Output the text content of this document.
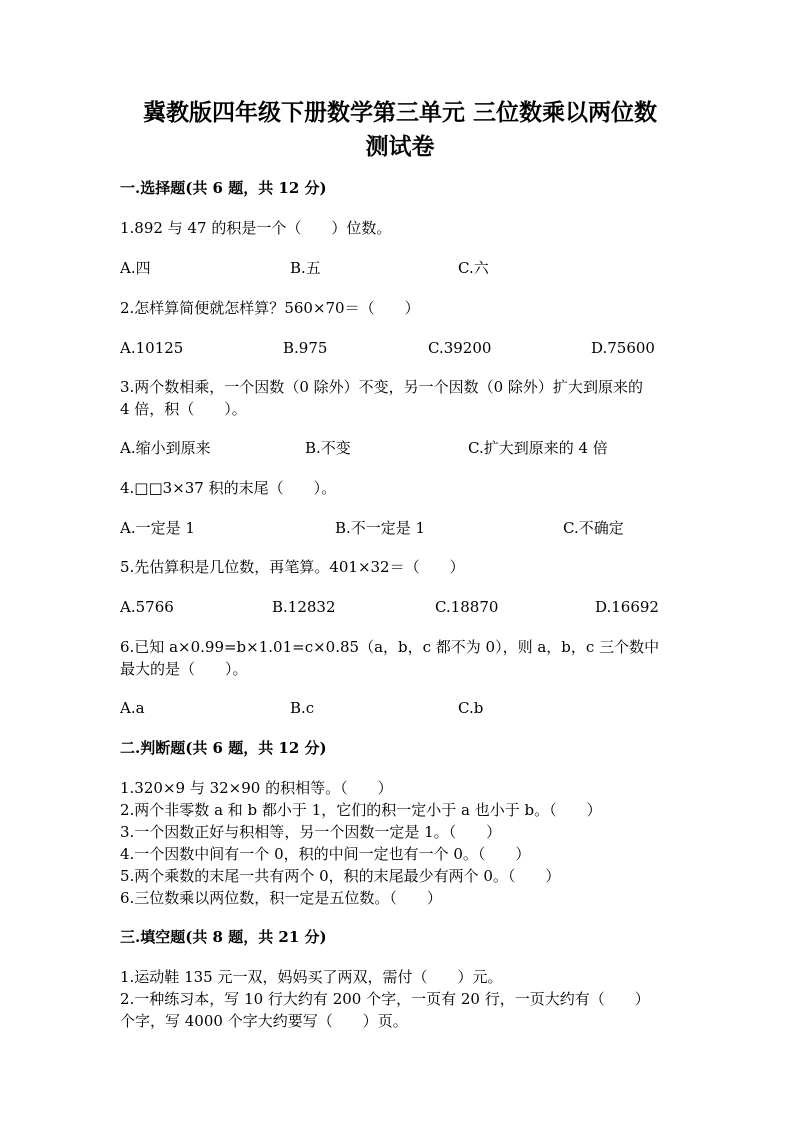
冀教版四年级下册数学第三单元 三位数乘以两位数
测试卷

一.选择题(共 6 题，共 12 分)

1.892 与 47 的积是一个（　　）位数。

A.四	B.五	C.六

2.怎样算简便就怎样算？560×70＝（　　）

A.10125	B.975	C.39200	D.75600

3.两个数相乘，一个因数（0 除外）不变，另一个因数（0 除外）扩大到原来的

4 倍，积（　　）。

A.缩小到原来	B.不变	C.扩大到原来的 4 倍

4.□□3×37 积的末尾（　　）。

A.一定是 1	B.不一定是 1	C.不确定

5.先估算积是几位数，再笔算。401×32＝（　　）

A.5766	B.12832	C.18870	D.16692

6.已知 a×0.99=b×1.01=c×0.85（a，b，c 都不为 0），则 a，b，c 三个数中

最大的是（　　）。

A.a	B.c	C.b

二.判断题(共 6 题，共 12 分)

1.320×9 与 32×90 的积相等。（　　）

2.两个非零数 a 和 b 都小于 1，它们的积一定小于 a 也小于 b。（　　）

3.一个因数正好与积相等，另一个因数一定是 1。（　　）

4.一个因数中间有一个 0，积的中间一定也有一个 0。（　　）

5.两个乘数的末尾一共有两个 0，积的末尾最少有两个 0。（　　）

6.三位数乘以两位数，积一定是五位数。（　　）

三.填空题(共 8 题，共 21 分)

1.运动鞋 135 元一双，妈妈买了两双，需付（　　）元。

2.一种练习本，写 10 行大约有 200 个字，一页有 20 行，一页大约有（　　）

个字，写 4000 个字大约要写（　　）页。
